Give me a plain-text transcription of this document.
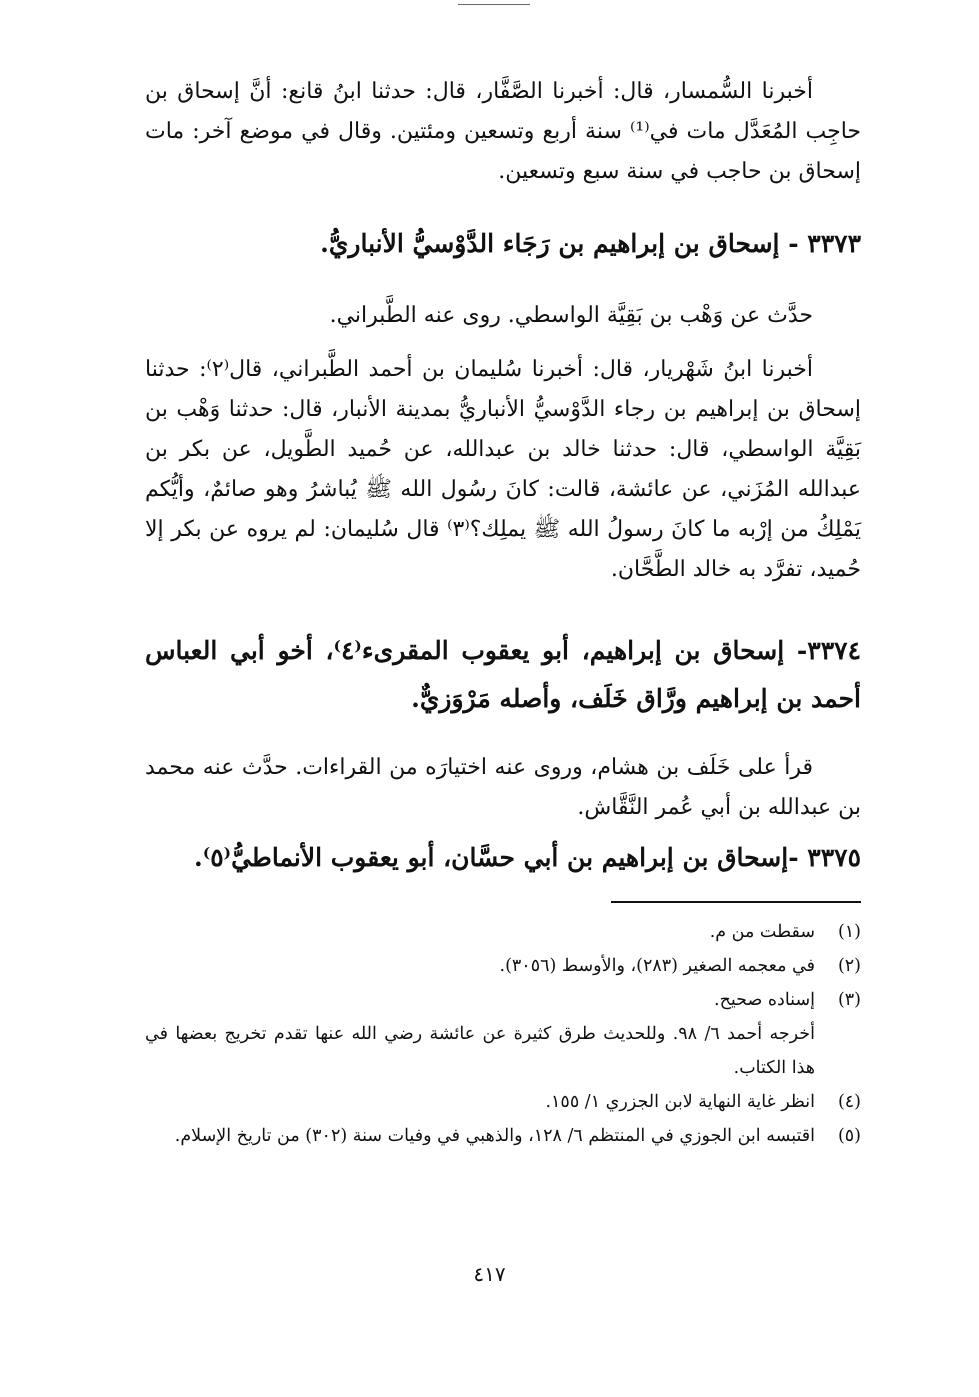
أخبرنا السُّمسار، قال: أخبرنا الصَّفَّار، قال: حدثنا ابنُ قانع: أنَّ إسحاق بن حاجِب المُعَدَّل مات في⁽¹⁾ سنة أربع وتسعين ومئتين. وقال في موضع آخر: مات إسحاق بن حاجب في سنة سبع وتسعين.
٣٣٧٣ - إسحاق بن إبراهيم بن رَجَاء الدَّوْسيُّ الأنباريُّ.
حدَّث عن وَهْب بن بَقِيَّة الواسطي. روى عنه الطَّبراني.
أخبرنا ابنُ شَهْريار، قال: أخبرنا سُليمان بن أحمد الطَّبراني، قال⁽٢⁾: حدثنا إسحاق بن إبراهيم بن رجاء الدَّوْسيُّ الأنباريُّ بمدينة الأنبار، قال: حدثنا وَهْب بن بَقِيَّة الواسطي، قال: حدثنا خالد بن عبدالله، عن حُميد الطَّويل، عن بكر بن عبدالله المُزَني، عن عائشة، قالت: كانَ رسُول الله ﷺ يُباشرُ وهو صائمٌ، وأيُّكم يَمْلِكُ من إرْبه ما كانَ رسولُ الله ﷺ يملِك؟⁽٣⁾ قال سُليمان: لم يروه عن بكر إلا حُميد، تفرَّد به خالد الطَّحَّان.
٣٣٧٤- إسحاق بن إبراهيم، أبو يعقوب المقرىء⁽٤⁾، أخو أبي العباس أحمد بن إبراهيم ورَّاق خَلَف، وأصله مَرْوَزيٌّ.
قرأ على خَلَف بن هشام، وروى عنه اختيارَه من القراءات. حدَّث عنه محمد بن عبدالله بن أبي عُمر النَّقَّاش.
٣٣٧٥ -إسحاق بن إبراهيم بن أبي حسَّان، أبو يعقوب الأنماطيُّ⁽٥⁾.
(١)
سقطت من م.
(٢)
في معجمه الصغير (٢٨٣)، والأوسط (٣٠٥٦).
(٣)
إسناده صحيح.
أخرجه أحمد ٦/ ٩٨. وللحديث طرق كثيرة عن عائشة رضي الله عنها تقدم تخريج بعضها في هذا الكتاب.
(٤)
انظر غاية النهاية لابن الجزري ١/ ١٥٥.
(٥)
اقتبسه ابن الجوزي في المنتظم ٦/ ١٢٨، والذهبي في وفيات سنة (٣٠٢) من تاريخ الإسلام.
٤١٧
